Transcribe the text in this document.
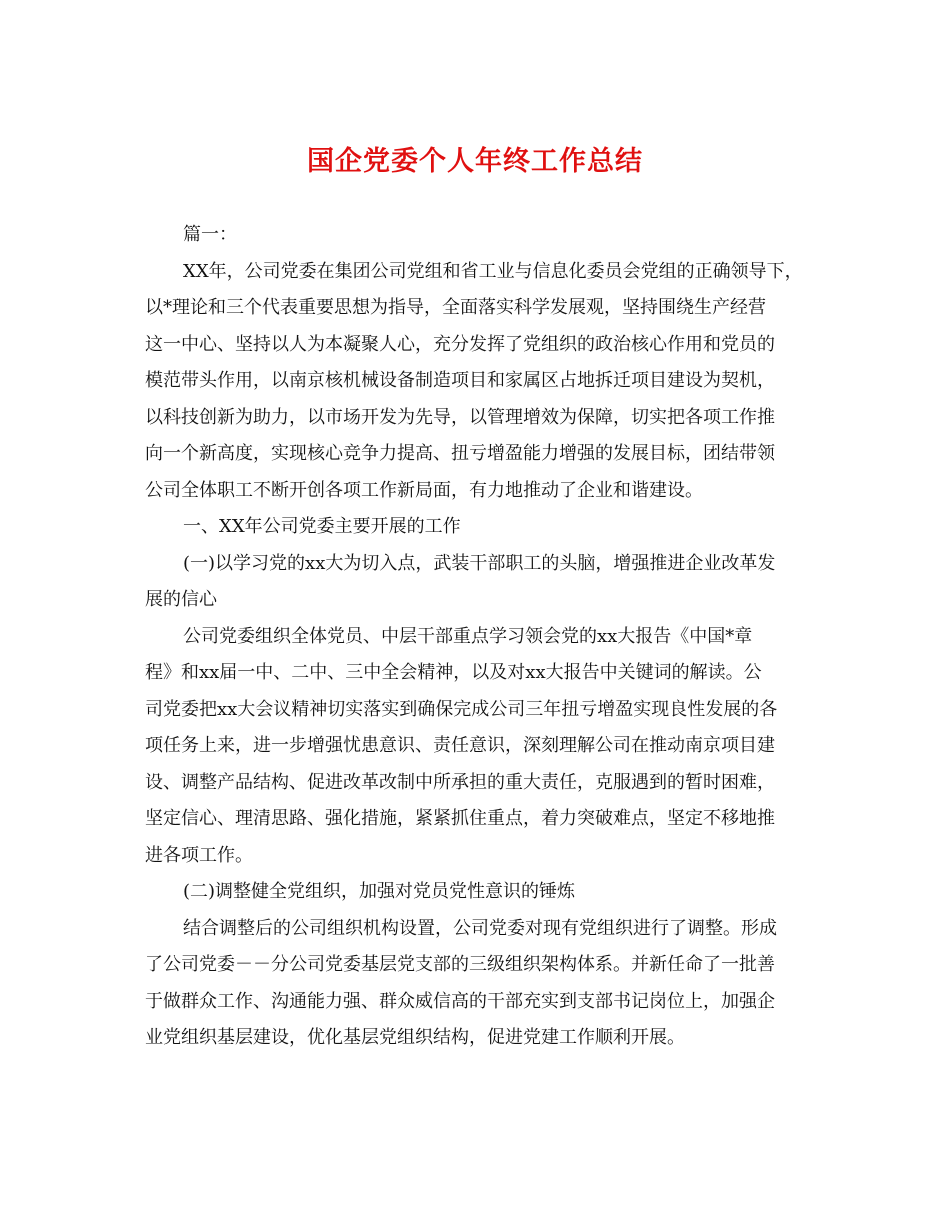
国企党委个人年终工作总结

篇一：

XX年，公司党委在集团公司党组和省工业与信息化委员会党组的正确领导下，

以*理论和三个代表重要思想为指导，全面落实科学发展观，坚持围绕生产经营

这一中心、坚持以人为本凝聚人心，充分发挥了党组织的政治核心作用和党员的

模范带头作用，以南京核机械设备制造项目和家属区占地拆迁项目建设为契机，

以科技创新为助力，以市场开发为先导，以管理增效为保障，切实把各项工作推

向一个新高度，实现核心竞争力提高、扭亏增盈能力增强的发展目标，团结带领

公司全体职工不断开创各项工作新局面，有力地推动了企业和谐建设。

一、XX年公司党委主要开展的工作

(一)以学习党的xx大为切入点，武装干部职工的头脑，增强推进企业改革发

展的信心

公司党委组织全体党员、中层干部重点学习领会党的xx大报告《中国*章

程》和xx届一中、二中、三中全会精神，以及对xx大报告中关键词的解读。公

司党委把xx大会议精神切实落实到确保完成公司三年扭亏增盈实现良性发展的各

项任务上来，进一步增强忧患意识、责任意识，深刻理解公司在推动南京项目建

设、调整产品结构、促进改革改制中所承担的重大责任，克服遇到的暂时困难，

坚定信心、理清思路、强化措施，紧紧抓住重点，着力突破难点，坚定不移地推

进各项工作。

(二)调整健全党组织，加强对党员党性意识的锤炼

结合调整后的公司组织机构设置，公司党委对现有党组织进行了调整。形成

了公司党委－－分公司党委基层党支部的三级组织架构体系。并新任命了一批善

于做群众工作、沟通能力强、群众威信高的干部充实到支部书记岗位上，加强企

业党组织基层建设，优化基层党组织结构，促进党建工作顺利开展。
